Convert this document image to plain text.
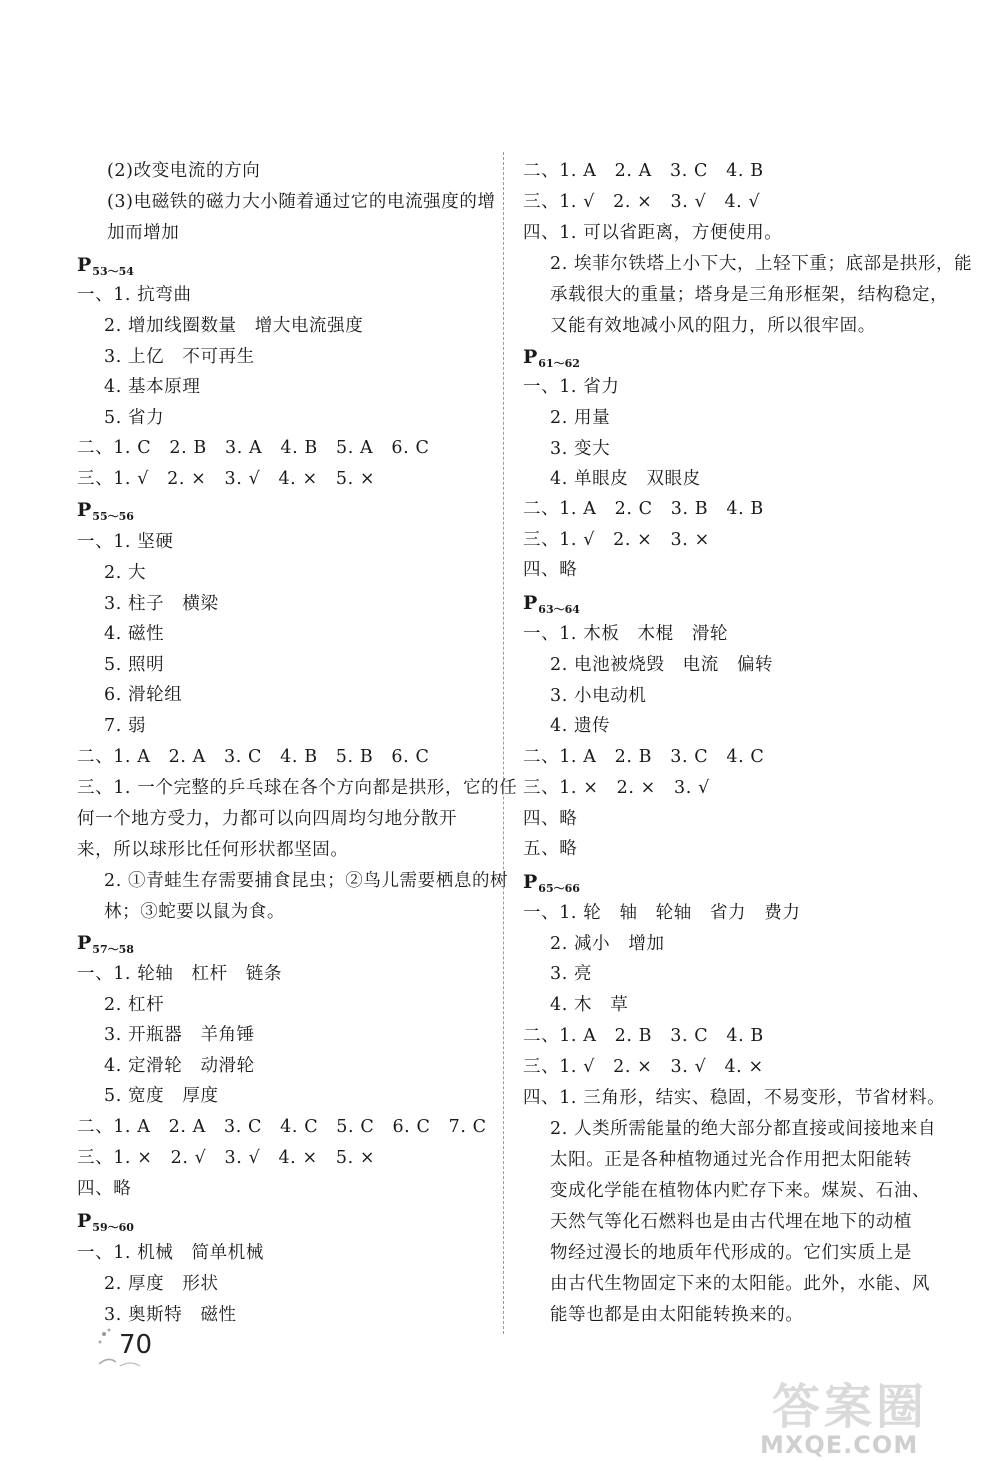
(2)改变电流的方向
(3)电磁铁的磁力大小随着通过它的电流强度的增
加而增加
$P_{53\sim 54}$
一、1. 抗弯曲
2. 增加线圈数量　增大电流强度
3. 上亿　不可再生
4. 基本原理
5. 省力
二、1. C　2. B　3. A　4. B　5. A　6. C
三、1. √　2. ×　3. √　4. ×　5. ×
$P_{55\sim 56}$
一、1. 坚硬
2. 大
3. 柱子　横梁
4. 磁性
5. 照明
6. 滑轮组
7. 弱
二、1. A　2. A　3. C　4. B　5. B　6. C
三、1. 一个完整的乒乓球在各个方向都是拱形，它的任
何一个地方受力，力都可以向四周均匀地分散开
来，所以球形比任何形状都坚固。
2. ①青蛙生存需要捕食昆虫；②鸟儿需要栖息的树
林；③蛇要以鼠为食。
$P_{57\sim 58}$
一、1. 轮轴　杠杆　链条
2. 杠杆
3. 开瓶器　羊角锤
4. 定滑轮　动滑轮
5. 宽度　厚度
二、1. A　2. A　3. C　4. C　5. C　6. C　7. C
三、1. ×　2. √　3. √　4. ×　5. ×
四、略
$P_{59\sim 60}$
一、1. 机械　简单机械
2. 厚度　形状
3. 奥斯特　磁性
二、1. A　2. A　3. C　4. B
三、1. √　2. ×　3. √　4. √
四、1. 可以省距离，方便使用。
2. 埃菲尔铁塔上小下大，上轻下重；底部是拱形，能
承载很大的重量；塔身是三角形框架，结构稳定，
又能有效地减小风的阻力，所以很牢固。
$P_{61\sim 62}$
一、1. 省力
2. 用量
3. 变大
4. 单眼皮　双眼皮
二、1. A　2. C　3. B　4. B
三、1. √　2. ×　3. ×
四、略
$P_{63\sim 64}$
一、1. 木板　木棍　滑轮
2. 电池被烧毁　电流　偏转
3. 小电动机
4. 遗传
二、1. A　2. B　3. C　4. C
三、1. ×　2. ×　3. √
四、略
五、略
$P_{65\sim 66}$
一、1. 轮　轴　轮轴　省力　费力
2. 减小　增加
3. 亮
4. 木　草
二、1. A　2. B　3. C　4. B
三、1. √　2. ×　3. √　4. ×
四、1. 三角形，结实、稳固，不易变形，节省材料。
2. 人类所需能量的绝大部分都直接或间接地来自
太阳。正是各种植物通过光合作用把太阳能转
变成化学能在植物体内贮存下来。煤炭、石油、
天然气等化石燃料也是由古代埋在地下的动植
物经过漫长的地质年代形成的。它们实质上是
由古代生物固定下来的太阳能。此外，水能、风
能等也都是由太阳能转换来的。
70
答案圈
MXQE.COM
